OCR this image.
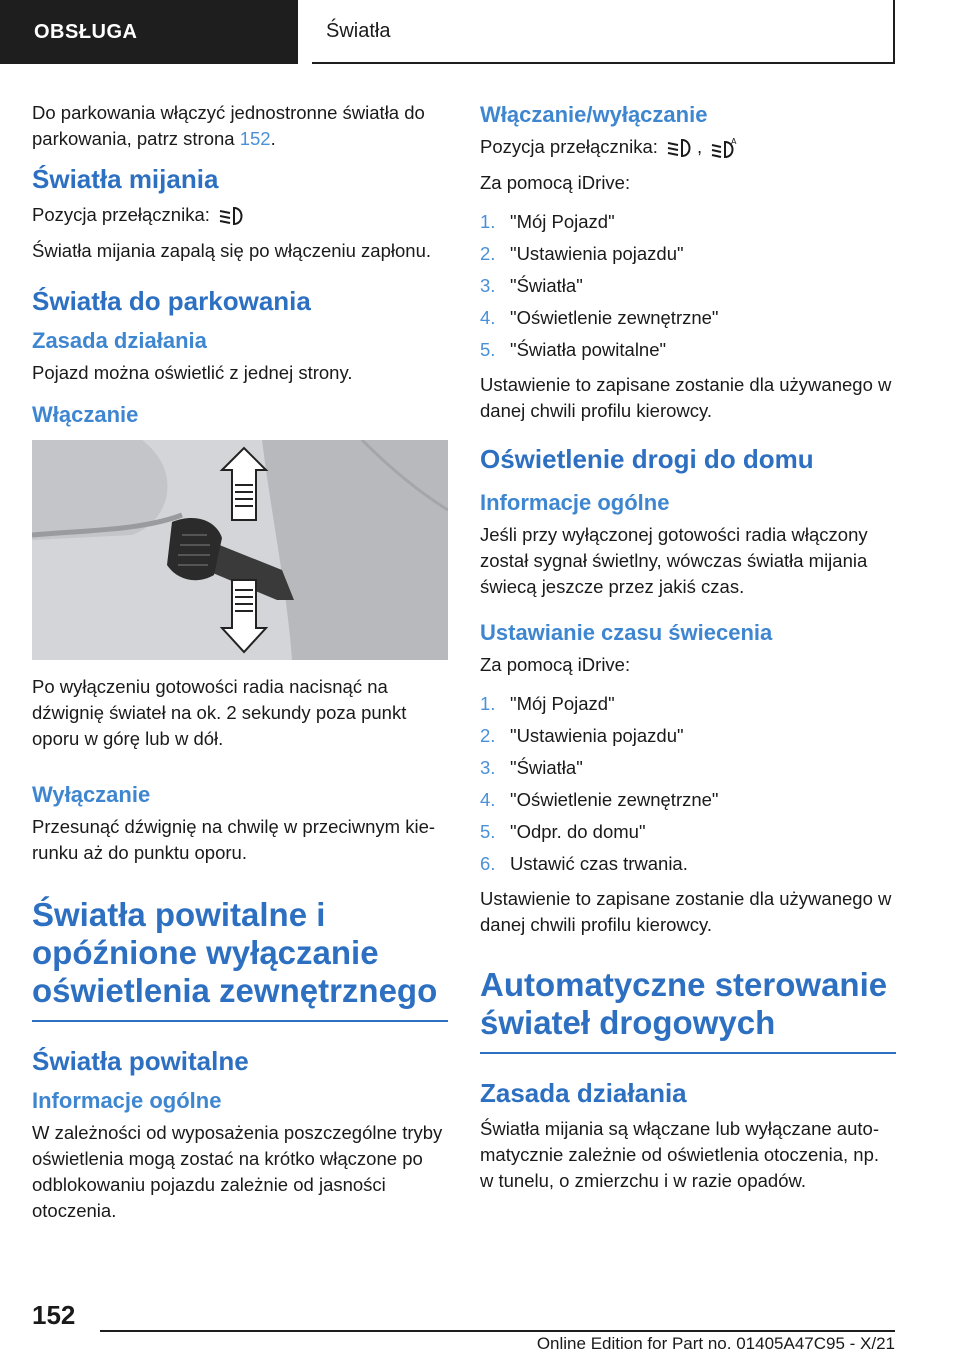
OBSŁUGA	Światła

Do parkowania włączyć jednostronne światła do parkowania, patrz strona 152.

Światła mijania

Pozycja przełącznika:

Światła mijania zapalą się po włączeniu zapłonu.

Światła do parkowania
Zasada działania

Pojazd można oświetlić z jednej strony.

Włączanie

Po wyłączeniu gotowości radia nacisnąć na dźwignię świateł na ok. 2 sekundy poza punkt oporu w górę lub w dół.

Wyłączanie

Przesunąć dźwignię na chwilę w przeciwnym kierunku aż do punktu oporu.

Światła powitalne i opóźnione wyłączanie oświetlenia zewnętrznego
Światła powitalne
Informacje ogólne

W zależności od wyposażenia poszczególne tryby oświetlenia mogą zostać na krótko włączone po odblokowaniu pojazdu zależnie od jasności otoczenia.

Włączanie/wyłączanie

Pozycja przełącznika: ,	A

Za pomocą iDrive:

1. "Mój Pojazd"
2. "Ustawienia pojazdu"
3. "Światła"
4. "Oświetlenie zewnętrzne"
5. "Światła powitalne"

Ustawienie to zapisane zostanie dla używanego w danej chwili profilu kierowcy.

Oświetlenie drogi do domu
Informacje ogólne

Jeśli przy wyłączonej gotowości radia włączony został sygnał świetlny, wówczas światła mijania świecą jeszcze przez jakiś czas.

Ustawianie czasu świecenia

Za pomocą iDrive:

1. "Mój Pojazd"
2. "Ustawienia pojazdu"
3. "Światła"
4. "Oświetlenie zewnętrzne"
5. "Odpr. do domu"
6. Ustawić czas trwania.

Ustawienie to zapisane zostanie dla używanego w danej chwili profilu kierowcy.

Automatyczne sterowanie świateł drogowych
Zasada działania

Światła mijania są włączane lub wyłączane automatycznie zależnie od oświetlenia otoczenia, np. w tunelu, o zmierzchu i w razie opadów.

152
Online Edition for Part no. 01405A47C95 - X/21
